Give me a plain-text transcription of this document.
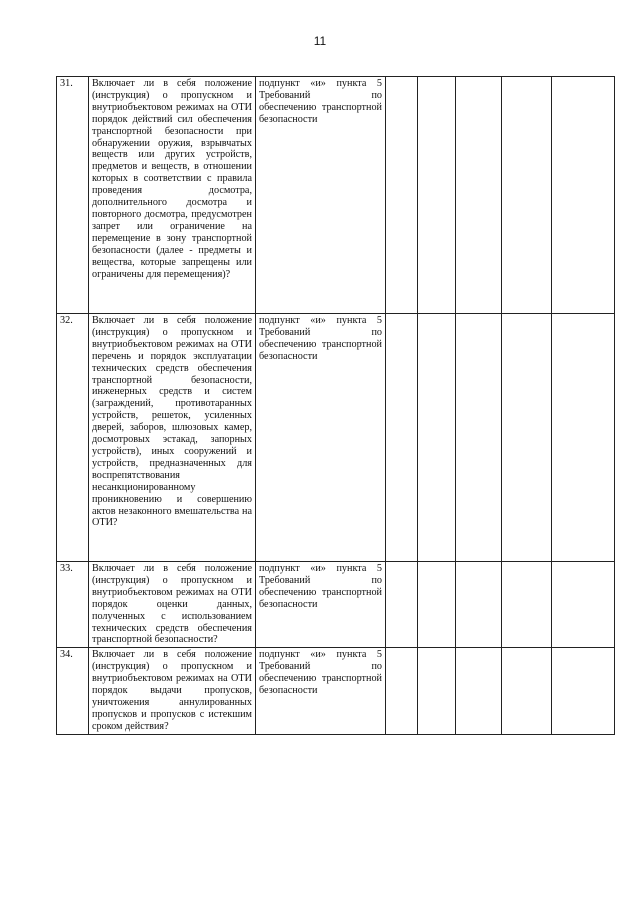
11
31.	Включает ли в себя положение (инструкция) о пропускном и внутриобъектовом режимах на ОТИ порядок действий сил обеспечения транспортной безопасности при обнаружении оружия, взрывчатых веществ или других устройств, предметов и веществ, в отношении которых в соответствии с правила проведения досмотра, дополнительного досмотра и повторного досмотра, предусмотрен запрет или ограничение на перемещение в зону транспортной безопасности (далее - предметы и вещества, которые запрещены или ограничены для перемещения)?	подпункт «и» пункта 5 Требований по обеспечению транспортной безопасности					
32.	Включает ли в себя положение (инструкция) о пропускном и внутриобъектовом режимах на ОТИ перечень и порядок эксплуатации технических средств обеспечения транспортной безопасности, инженерных средств и систем (заграждений, противотаранных устройств, решеток, усиленных дверей, заборов, шлюзовых камер, досмотровых эстакад, запорных устройств), иных сооружений и устройств, предназначенных для воспрепятствования несанкционированному проникновению и совершению актов незаконного вмешательства на ОТИ?	подпункт «и» пункта 5 Требований по обеспечению транспортной безопасности					
33.	Включает ли в себя положение (инструкция) о пропускном и внутриобъектовом режимах на ОТИ порядок оценки данных, полученных с использованием технических средств обеспечения транспортной безопасности?	подпункт «и» пункта 5 Требований по обеспечению транспортной безопасности					
34.	Включает ли в себя положение (инструкция) о пропускном и внутриобъектовом режимах на ОТИ порядок выдачи пропусков, уничтожения аннулированных пропусков и пропусков с истекшим сроком действия?	подпункт «и» пункта 5 Требований по обеспечению транспортной безопасности					
